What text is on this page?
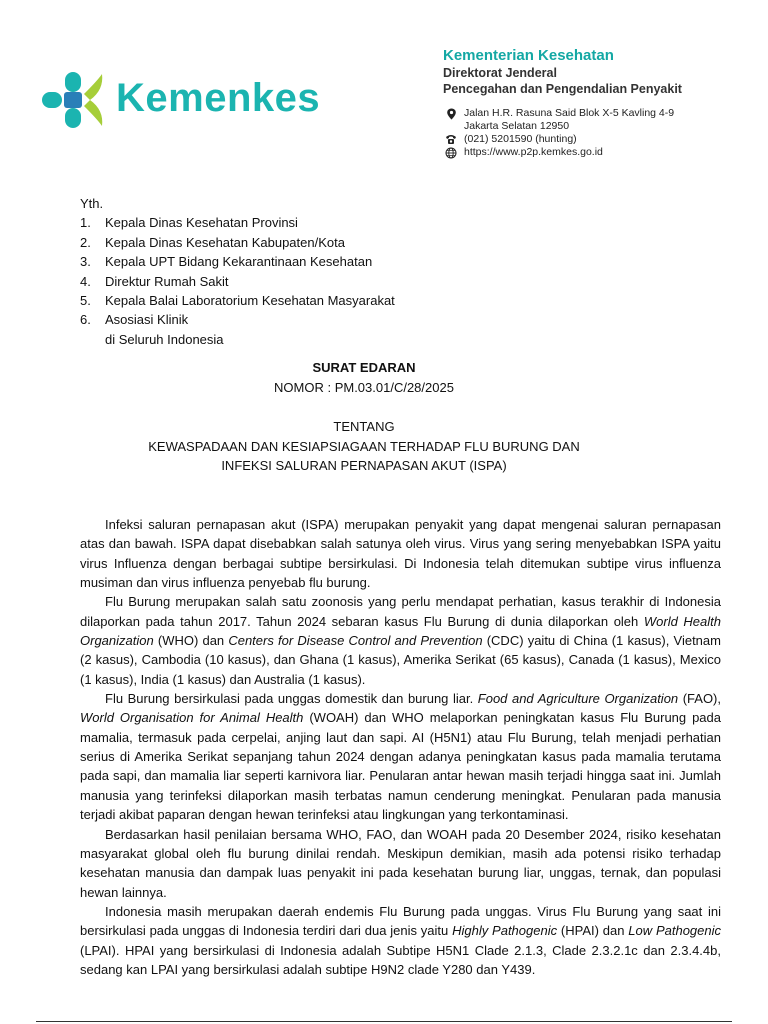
Kemenkes
Kementerian Kesehatan
Direktorat Jenderal
Pencegahan dan Pengendalian Penyakit
Jalan H.R. Rasuna Said Blok X-5 Kavling 4-9
Jakarta Selatan 12950
(021) 5201590 (hunting)
https://www.p2p.kemkes.go.id
Yth.
1.	Kepala Dinas Kesehatan Provinsi
2.	Kepala Dinas Kesehatan Kabupaten/Kota
3.	Kepala UPT Bidang Kekarantinaan Kesehatan
4.	Direktur Rumah Sakit
5.	Kepala Balai Laboratorium Kesehatan Masyarakat
6.	Asosiasi Klinik
di Seluruh Indonesia
SURAT EDARAN
NOMOR : PM.03.01/C/28/2025
TENTANG
KEWASPADAAN DAN KESIAPSIAGAAN TERHADAP FLU BURUNG DAN
INFEKSI SALURAN PERNAPASAN AKUT (ISPA)

Infeksi saluran pernapasan akut (ISPA) merupakan penyakit yang dapat mengenai saluran pernapasan atas dan bawah. ISPA dapat disebabkan salah satunya oleh virus. Virus yang sering menyebabkan ISPA yaitu virus Influenza dengan berbagai subtipe bersirkulasi. Di Indonesia telah ditemukan subtipe virus influenza musiman dan virus influenza penyebab flu burung.

Flu Burung merupakan salah satu zoonosis yang perlu mendapat perhatian, kasus terakhir di Indonesia dilaporkan pada tahun 2017. Tahun 2024 sebaran kasus Flu Burung di dunia dilaporkan oleh World Health Organization (WHO) dan Centers for Disease Control and Prevention (CDC) yaitu di China (1 kasus), Vietnam (2 kasus), Cambodia (10 kasus), dan Ghana (1 kasus), Amerika Serikat (65 kasus), Canada (1 kasus), Mexico (1 kasus), India (1 kasus) dan Australia (1 kasus).

Flu Burung bersirkulasi pada unggas domestik dan burung liar. Food and Agriculture Organization (FAO), World Organisation for Animal Health (WOAH) dan WHO melaporkan peningkatan kasus Flu Burung pada mamalia, termasuk pada cerpelai, anjing laut dan sapi. AI (H5N1) atau Flu Burung, telah menjadi perhatian serius di Amerika Serikat sepanjang tahun 2024 dengan adanya peningkatan kasus pada mamalia terutama pada sapi, dan mamalia liar seperti karnivora liar. Penularan antar hewan masih terjadi hingga saat ini. Jumlah manusia yang terinfeksi dilaporkan masih terbatas namun cenderung meningkat. Penularan pada manusia terjadi akibat paparan dengan hewan terinfeksi atau lingkungan yang terkontaminasi.

Berdasarkan hasil penilaian bersama WHO, FAO, dan WOAH pada 20 Desember 2024, risiko kesehatan masyarakat global oleh flu burung dinilai rendah. Meskipun demikian, masih ada potensi risiko terhadap kesehatan manusia dan dampak luas penyakit ini pada kesehatan burung liar, unggas, ternak, dan populasi hewan lainnya.

Indonesia masih merupakan daerah endemis Flu Burung pada unggas. Virus Flu Burung yang saat ini bersirkulasi pada unggas di Indonesia terdiri dari dua jenis yaitu Highly Pathogenic (HPAI) dan Low Pathogenic (LPAI). HPAI yang bersirkulasi di Indonesia adalah Subtipe H5N1 Clade 2.1.3, Clade 2.3.2.1c dan 2.3.4.4b, sedang kan LPAI yang bersirkulasi adalah subtipe H9N2 clade Y280 dan Y439.
